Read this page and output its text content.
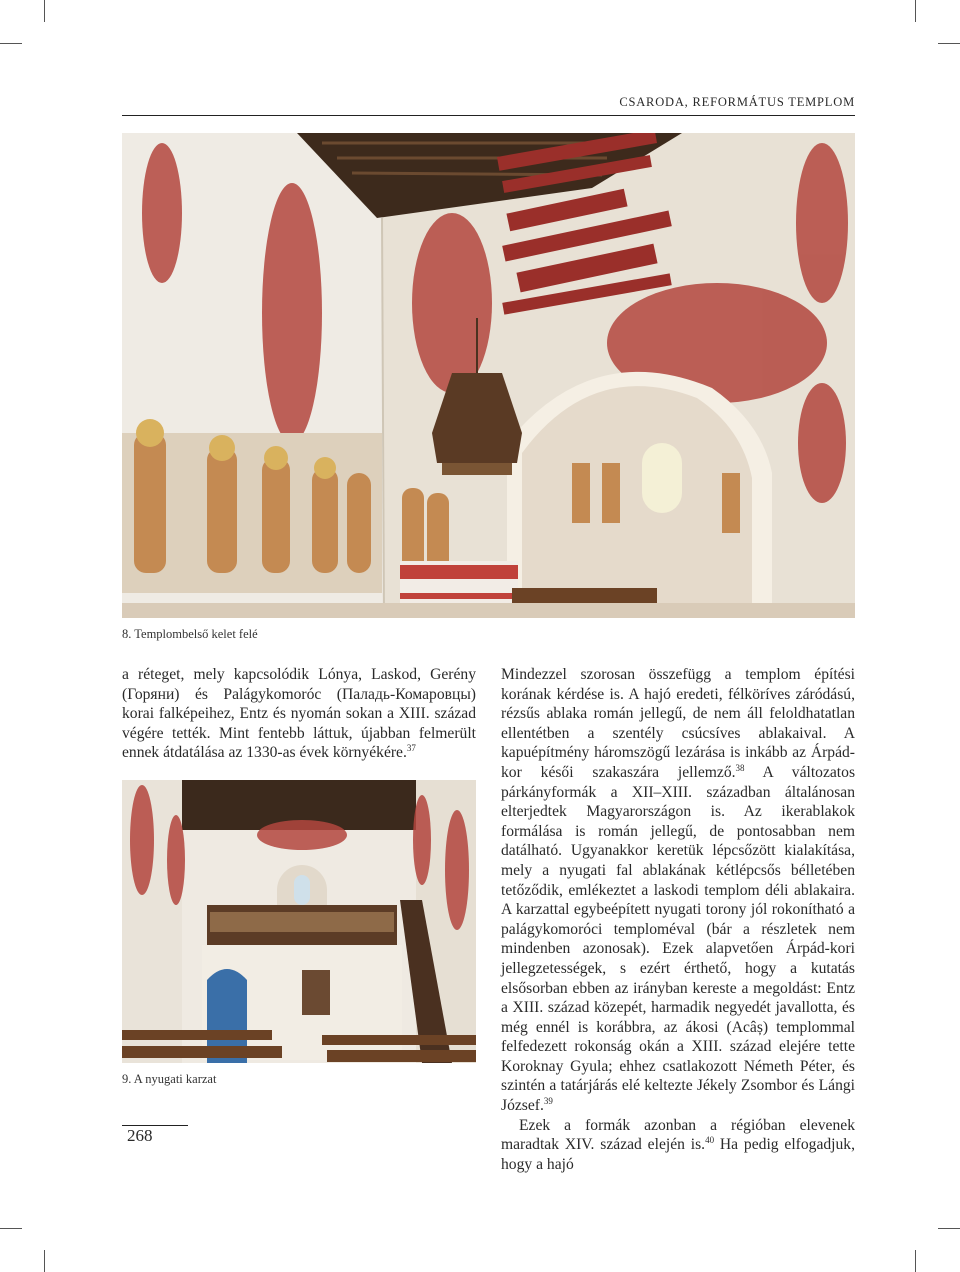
CSARODA, REFORMÁTUS TEMPLOM
8. Templombelső kelet felé
9. A nyugati karzat

a réteget, mely kapcsolódik Lónya, Laskod, Gerény (Горяни) és Palágykomoróc (Паладь-Комаровцы) korai falképeihez, Entz és nyomán sokan a XIII. század végére tették. Mint fentebb láttuk, újabban felmerült ennek átdatálása az 1330-as évek környékére.$^{37}$

Mindezzel szorosan összefügg a templom építési korának kérdése is. A hajó eredeti, félköríves záródású, rézsűs ablaka román jellegű, de nem áll feloldhatatlan ellentétben a szentély csúcsíves ablakaival. A kapuépítmény háromszögű lezárása is inkább az Árpád-kor késői szakaszára jellemző.$^{38}$ A változatos párkányformák a XII–XIII. században általánosan elterjedtek Magyarországon is. Az ikerablakok formálása is román jellegű, de pontosabban nem datálható. Ugyanakkor keretük lépcsőzött kialakítása, mely a nyugati fal ablakának kétlépcsős bélletében tetőződik, emlékeztet a laskodi templom déli ablakaira. A karzattal egybeépített nyugati torony jól rokonítható a palágykomoróci temploméval (bár a részletek nem mindenben azonosak). Ezek alapvetően Árpád-kori jellegzetességek, s ezért érthető, hogy a kutatás elsősorban ebben az irányban kereste a megoldást: Entz a XIII. század közepét, harmadik negyedét javallotta, és még ennél is korábbra, az ákosi (Acâș) templommal felfedezett rokonság okán a XIII. század elejére tette Koroknay Gyula; ehhez csatlakozott Németh Péter, és szintén a tatárjárás elé keltezte Jékely Zsombor és Lángi József.$^{39}$

Ezek a formák azonban a régióban elevenek maradtak XIV. század elején is.$^{40}$ Ha pedig elfogadjuk, hogy a hajó

268
